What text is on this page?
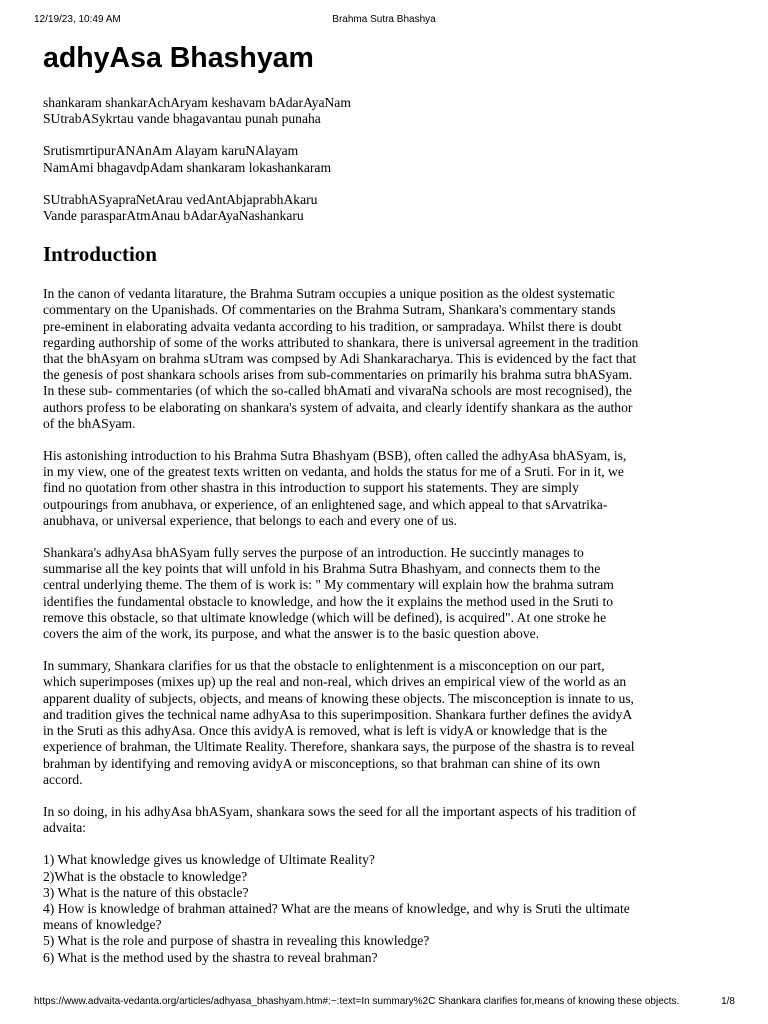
12/19/23, 10:49 AM	Brahma Sutra Bhashya
adhyAsa Bhashyam
shankaram shankarAchAryam keshavam bAdarAyaNam
SUtrabASykrtau vande bhagavantau punah punaha
SrutismrtipurANAnAm Alayam karuNAlayam
NamAmi bhagavdpAdam shankaram lokashankaram
SUtrabhASyapraNetArau vedAntAbjaprabhAkaru
Vande parasparAtmAnau bAdarAyaNashankaru
Introduction

In the canon of vedanta litarature, the Brahma Sutram occupies a unique position as the oldest systematic
commentary on the Upanishads. Of commentaries on the Brahma Sutram, Shankara's commentary stands
pre-eminent in elaborating advaita vedanta according to his tradition, or sampradaya. Whilst there is doubt
regarding authorship of some of the works attributed to shankara, there is universal agreement in the tradition
that the bhAsyam on brahma sUtram was compsed by Adi Shankaracharya. This is evidenced by the fact that
the genesis of post shankara schools arises from sub-commentaries on primarily his brahma sutra bhASyam.
In these sub- commentaries (of which the so-called bhAmati and vivaraNa schools are most recognised), the
authors profess to be elaborating on shankara's system of advaita, and clearly identify shankara as the author
of the bhASyam.

His astonishing introduction to his Brahma Sutra Bhashyam (BSB), often called the adhyAsa bhASyam, is,
in my view, one of the greatest texts written on vedanta, and holds the status for me of a Sruti. For in it, we
find no quotation from other shastra in this introduction to support his statements. They are simply
outpourings from anubhava, or experience, of an enlightened sage, and which appeal to that sArvatrika-
anubhava, or universal experience, that belongs to each and every one of us.

Shankara's adhyAsa bhASyam fully serves the purpose of an introduction. He succintly manages to
summarise all the key points that will unfold in his Brahma Sutra Bhashyam, and connects them to the
central underlying theme. The them of is work is: " My commentary will explain how the brahma sutram
identifies the fundamental obstacle to knowledge, and how the it explains the method used in the Sruti to
remove this obstacle, so that ultimate knowledge (which will be defined), is acquired". At one stroke he
covers the aim of the work, its purpose, and what the answer is to the basic question above.

In summary, Shankara clarifies for us that the obstacle to enlightenment is a misconception on our part,
which superimposes (mixes up) up the real and non-real, which drives an empirical view of the world as an
apparent duality of subjects, objects, and means of knowing these objects. The misconception is innate to us,
and tradition gives the technical name adhyAsa to this superimposition. Shankara further defines the avidyA
in the Sruti as this adhyAsa. Once this avidyA is removed, what is left is vidyA or knowledge that is the
experience of brahman, the Ultimate Reality. Therefore, shankara says, the purpose of the shastra is to reveal
brahman by identifying and removing avidyA or misconceptions, so that brahman can shine of its own
accord.

In so doing, in his adhyAsa bhASyam, shankara sows the seed for all the important aspects of his tradition of
advaita:

1) What knowledge gives us knowledge of Ultimate Reality?
2)What is the obstacle to knowledge?
3) What is the nature of this obstacle?
4) How is knowledge of brahman attained? What are the means of knowledge, and why is Sruti the ultimate
means of knowledge?
5) What is the role and purpose of shastra in revealing this knowledge?
6) What is the method used by the shastra to reveal brahman?
https://www.advaita-vedanta.org/articles/adhyasa_bhashyam.htm#:~:text=In summary%2C Shankara clarifies for,means of knowing these objects.	1/8
